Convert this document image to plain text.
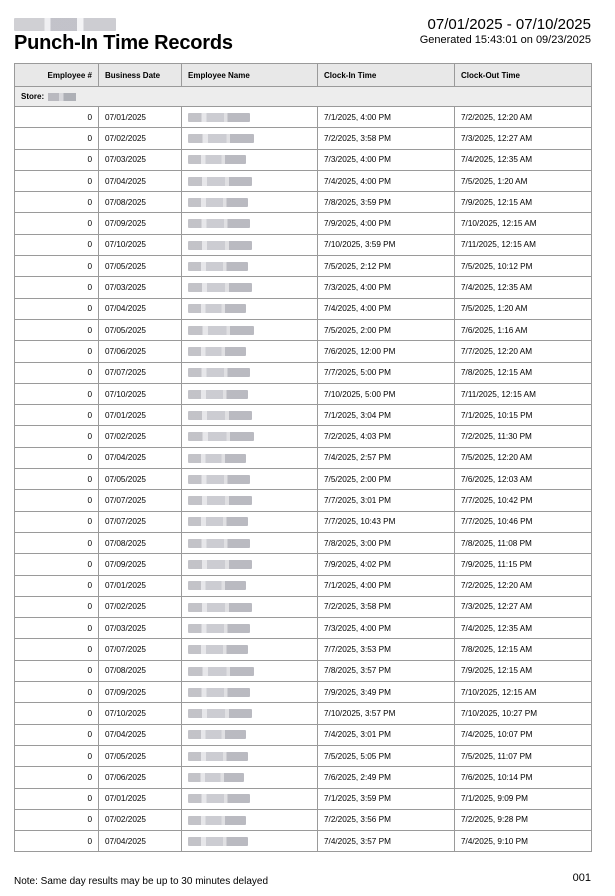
Punch-In Time Records
07/01/2025 - 07/10/2025
Generated 15:43:01 on 09/23/2025
Employee #	Business Date	Employee Name	Clock-In Time	Clock-Out Time
Store:				
0	07/01/2025		7/1/2025, 4:00 PM	7/2/2025, 12:20 AM
0	07/02/2025		7/2/2025, 3:58 PM	7/3/2025, 12:27 AM
0	07/03/2025		7/3/2025, 4:00 PM	7/4/2025, 12:35 AM
0	07/04/2025		7/4/2025, 4:00 PM	7/5/2025, 1:20 AM
0	07/08/2025		7/8/2025, 3:59 PM	7/9/2025, 12:15 AM
0	07/09/2025		7/9/2025, 4:00 PM	7/10/2025, 12:15 AM
0	07/10/2025		7/10/2025, 3:59 PM	7/11/2025, 12:15 AM
0	07/05/2025		7/5/2025, 2:12 PM	7/5/2025, 10:12 PM
0	07/03/2025		7/3/2025, 4:00 PM	7/4/2025, 12:35 AM
0	07/04/2025		7/4/2025, 4:00 PM	7/5/2025, 1:20 AM
0	07/05/2025		7/5/2025, 2:00 PM	7/6/2025, 1:16 AM
0	07/06/2025		7/6/2025, 12:00 PM	7/7/2025, 12:20 AM
0	07/07/2025		7/7/2025, 5:00 PM	7/8/2025, 12:15 AM
0	07/10/2025		7/10/2025, 5:00 PM	7/11/2025, 12:15 AM
0	07/01/2025		7/1/2025, 3:04 PM	7/1/2025, 10:15 PM
0	07/02/2025		7/2/2025, 4:03 PM	7/2/2025, 11:30 PM
0	07/04/2025		7/4/2025, 2:57 PM	7/5/2025, 12:20 AM
0	07/05/2025		7/5/2025, 2:00 PM	7/6/2025, 12:03 AM
0	07/07/2025		7/7/2025, 3:01 PM	7/7/2025, 10:42 PM
0	07/07/2025		7/7/2025, 10:43 PM	7/7/2025, 10:46 PM
0	07/08/2025		7/8/2025, 3:00 PM	7/8/2025, 11:08 PM
0	07/09/2025		7/9/2025, 4:02 PM	7/9/2025, 11:15 PM
0	07/01/2025		7/1/2025, 4:00 PM	7/2/2025, 12:20 AM
0	07/02/2025		7/2/2025, 3:58 PM	7/3/2025, 12:27 AM
0	07/03/2025		7/3/2025, 4:00 PM	7/4/2025, 12:35 AM
0	07/07/2025		7/7/2025, 3:53 PM	7/8/2025, 12:15 AM
0	07/08/2025		7/8/2025, 3:57 PM	7/9/2025, 12:15 AM
0	07/09/2025		7/9/2025, 3:49 PM	7/10/2025, 12:15 AM
0	07/10/2025		7/10/2025, 3:57 PM	7/10/2025, 10:27 PM
0	07/04/2025		7/4/2025, 3:01 PM	7/4/2025, 10:07 PM
0	07/05/2025		7/5/2025, 5:05 PM	7/5/2025, 11:07 PM
0	07/06/2025		7/6/2025, 2:49 PM	7/6/2025, 10:14 PM
0	07/01/2025		7/1/2025, 3:59 PM	7/1/2025, 9:09 PM
0	07/02/2025		7/2/2025, 3:56 PM	7/2/2025, 9:28 PM
0	07/04/2025		7/4/2025, 3:57 PM	7/4/2025, 9:10 PM
Note: Same day results may be up to 30 minutes delayed	001
